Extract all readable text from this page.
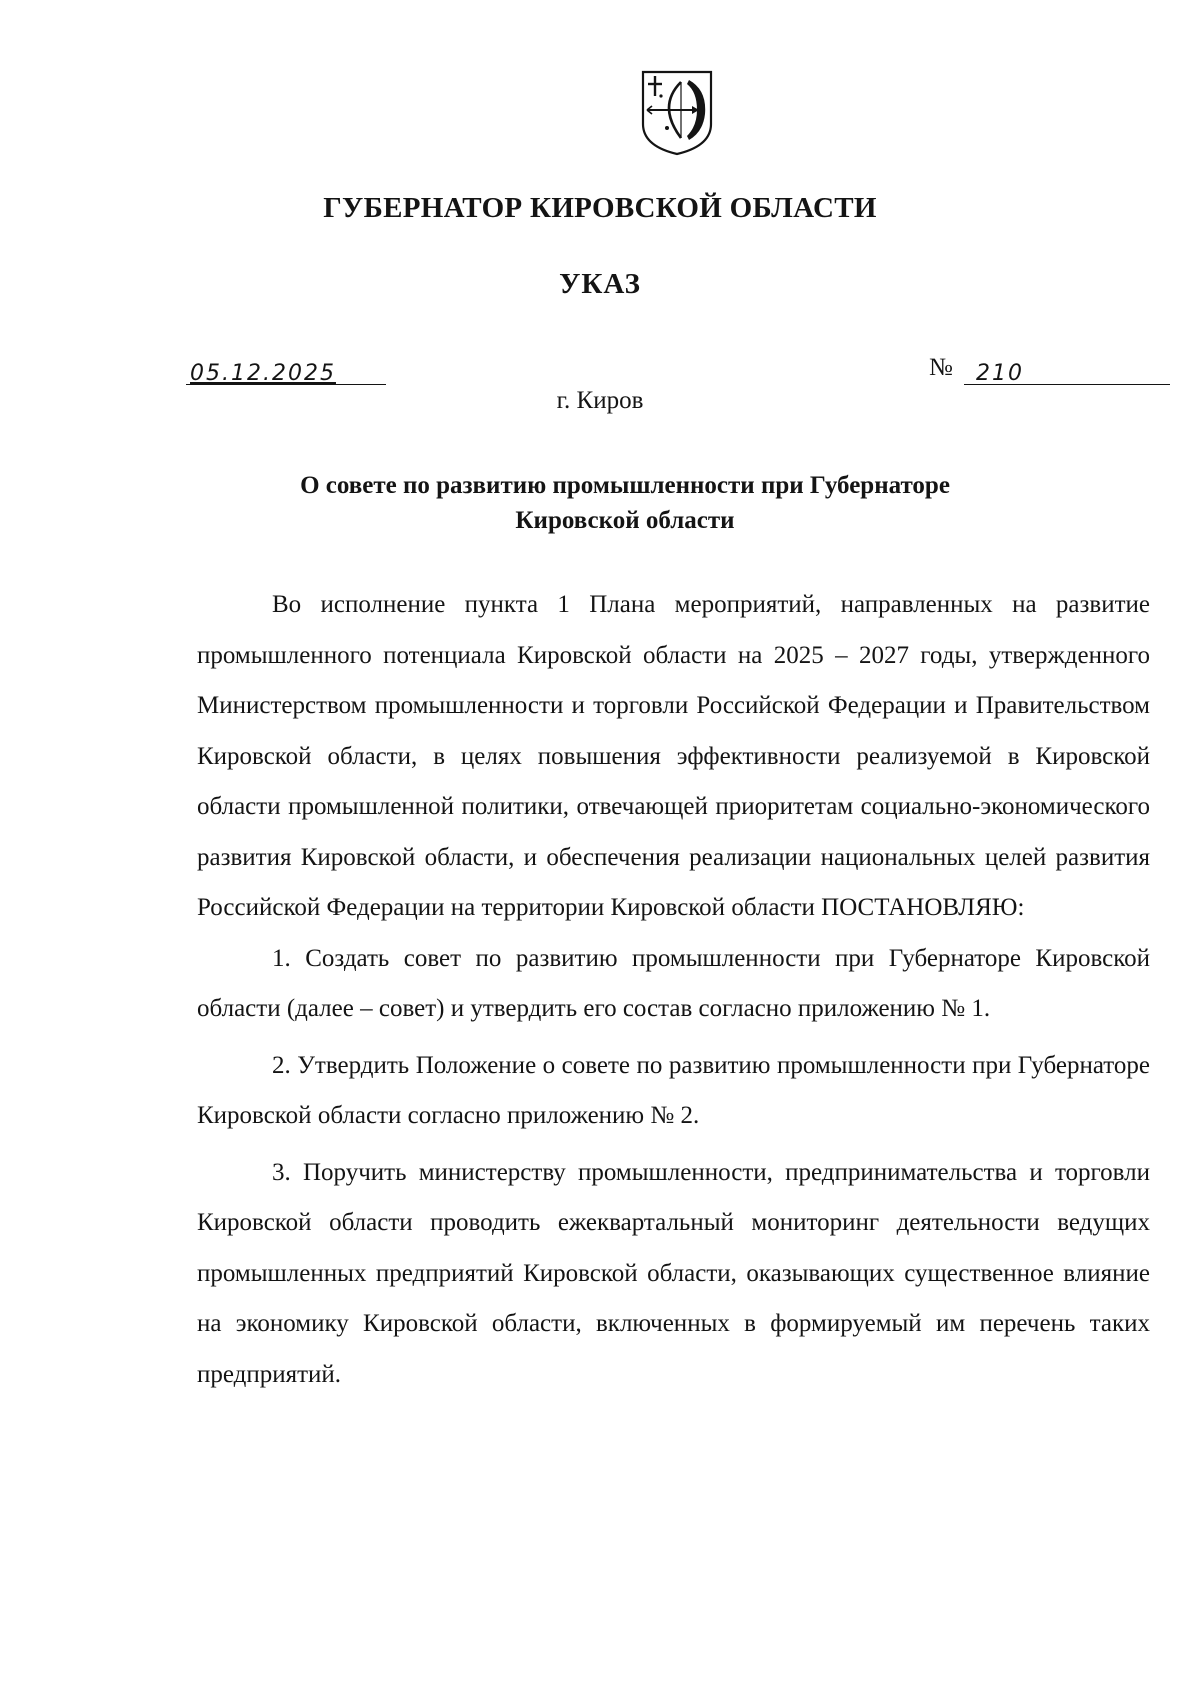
ГУБЕРНАТОР КИРОВСКОЙ ОБЛАСТИ
УКАЗ
05.12.2025	№ 210
г. Киров
О совете по развитию промышленности при Губернаторе
Кировской области

Во исполнение пункта 1 Плана мероприятий, направленных на развитие промышленного потенциала Кировской области на 2025 – 2027 годы, утвержденного Министерством промышленности и торговли Российской Федерации и Правительством Кировской области, в целях повышения эффективности реализуемой в Кировской области промышленной политики, отвечающей приоритетам социально-экономического развития Кировской области, и обеспечения реализации национальных целей развития Российской Федерации на территории Кировской области ПОСТАНОВЛЯЮ:

1. Создать совет по развитию промышленности при Губернаторе Кировской области (далее – совет) и утвердить его состав согласно приложению № 1.

2. Утвердить Положение о совете по развитию промышленности при Губернаторе Кировской области согласно приложению № 2.

3. Поручить министерству промышленности, предпринимательства и торговли Кировской области проводить ежеквартальный мониторинг деятельности ведущих промышленных предприятий Кировской области, оказывающих существенное влияние на экономику Кировской области, включенных в формируемый им перечень таких предприятий.
